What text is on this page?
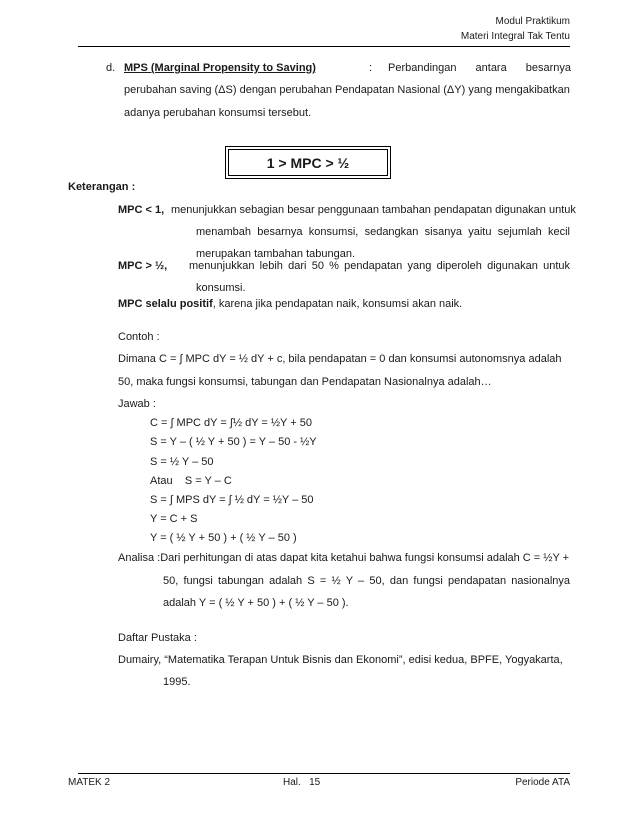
Modul Praktikum
Materi Integral Tak Tentu
d. MPS (Marginal Propensity to Saving)	: Perbandingan antara besarnya
perubahan saving (ΔS) dengan perubahan Pendapatan Nasional (ΔY) yang mengakibatkan
adanya perubahan konsumsi tersebut.
1 > MPC > ½
Keterangan :
MPC < 1, menunjukkan sebagian besar penggunaan tambahan pendapatan digunakan untuk
menambah besarnya konsumsi, sedangkan sisanya yaitu sejumlah kecil
merupakan tambahan tabungan.
MPC > ½, menunjukkan lebih dari 50 % pendapatan yang diperoleh digunakan untuk
konsumsi.
MPC selalu positif, karena jika pendapatan naik, konsumsi akan naik.
Contoh :
Dimana C = ∫ MPC dY = ½ dY + c, bila pendapatan = 0 dan konsumsi autonomsnya adalah
50, maka fungsi konsumsi, tabungan dan Pendapatan Nasionalnya adalah…
Jawab :
C = ∫ MPC dY = ∫½ dY = ½Y + 50
S = Y – ( ½ Y + 50 ) = Y – 50 - ½Y
S = ½ Y – 50
Atau    S = Y – C
S = ∫ MPS dY = ∫ ½ dY = ½Y – 50
Y = C + S
Y = ( ½ Y + 50 ) + ( ½ Y – 50 )
Analisa :Dari perhitungan di atas dapat kita ketahui bahwa fungsi konsumsi adalah C = ½Y +
50, fungsi tabungan adalah S = ½ Y – 50, dan fungsi pendapatan nasionalnya
adalah Y = ( ½ Y + 50 ) + ( ½ Y – 50 ).
Daftar Pustaka :
Dumairy, “Matematika Terapan Untuk Bisnis dan Ekonomi”, edisi kedua, BPFE, Yogyakarta,
1995.
MATEK 2	Hal.   15	Periode ATA
